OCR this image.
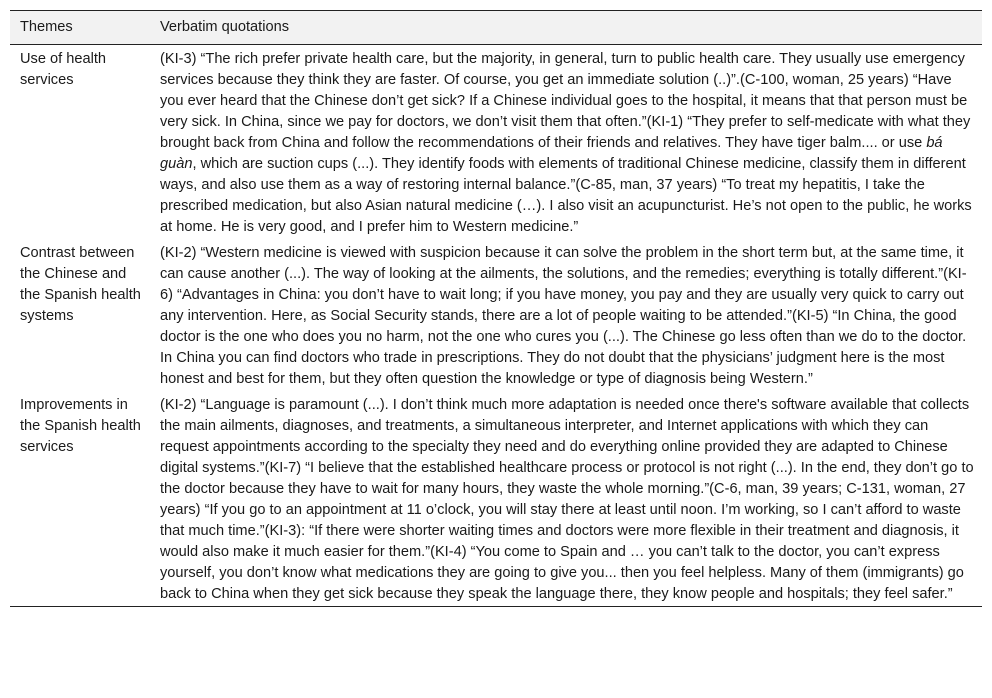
Themes	Verbatim quotations
Use of health services	(KI-3) “The rich prefer private health care, but the majority, in general, turn to public health care. They usually use emergency services because they think they are faster. Of course, you get an immediate solution (..)”.(C-100, woman, 25 years) “Have you ever heard that the Chinese don’t get sick? If a Chinese individual goes to the hospital, it means that that person must be very sick. In China, since we pay for doctors, we don’t visit them that often.”(KI-1) “They prefer to self-medicate with what they brought back from China and follow the recommendations of their friends and relatives. They have tiger balm.... or use bá guàn, which are suction cups (...). They identify foods with elements of traditional Chinese medicine, classify them in different ways, and also use them as a way of restoring internal balance.”(C-85, man, 37 years) “To treat my hepatitis, I take the prescribed medication, but also Asian natural medicine (…). I also visit an acupuncturist. He’s not open to the public, he works at home. He is very good, and I prefer him to Western medicine.”
Contrast between the Chinese and the Spanish health systems	(KI-2) “Western medicine is viewed with suspicion because it can solve the problem in the short term but, at the same time, it can cause another (...). The way of looking at the ailments, the solutions, and the remedies; everything is totally different.”(KI-6) “Advantages in China: you don’t have to wait long; if you have money, you pay and they are usually very quick to carry out any intervention. Here, as Social Security stands, there are a lot of people waiting to be attended.”(KI-5) “In China, the good doctor is the one who does you no harm, not the one who cures you (...). The Chinese go less often than we do to the doctor. In China you can find doctors who trade in prescriptions. They do not doubt that the physicians’ judgment here is the most honest and best for them, but they often question the knowledge or type of diagnosis being Western.”
Improvements in the Spanish health services	(KI-2) “Language is paramount (...). I don’t think much more adaptation is needed once there's software available that collects the main ailments, diagnoses, and treatments, a simultaneous interpreter, and Internet applications with which they can request appointments according to the specialty they need and do everything online provided they are adapted to Chinese digital systems.”(KI-7) “I believe that the established healthcare process or protocol is not right (...). In the end, they don’t go to the doctor because they have to wait for many hours, they waste the whole morning.”(C-6, man, 39 years; C-131, woman, 27 years) “If you go to an appointment at 11 o’clock, you will stay there at least until noon. I’m working, so I can’t afford to waste that much time.”(KI-3): “If there were shorter waiting times and doctors were more flexible in their treatment and diagnosis, it would also make it much easier for them.”(KI-4) “You come to Spain and … you can’t talk to the doctor, you can’t express yourself, you don’t know what medications they are going to give you... then you feel helpless. Many of them (immigrants) go back to China when they get sick because they speak the language there, they know people and hospitals; they feel safer.”
